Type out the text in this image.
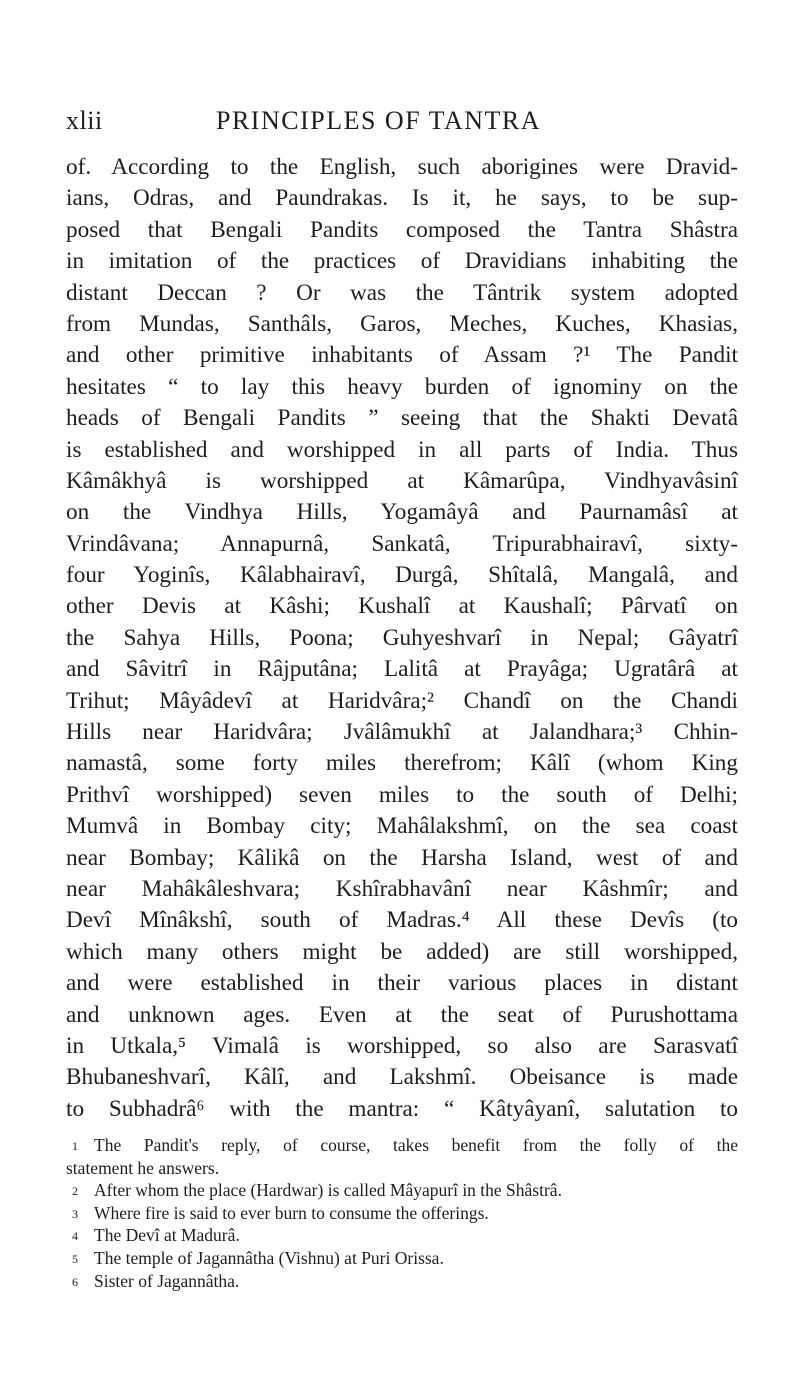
xlii	PRINCIPLES OF TANTRA
of. According to the English, such aborigines were Dravid-
ians, Odras, and Paundrakas. Is it, he says, to be sup-
posed that Bengali Pandits composed the Tantra Shâstra
in imitation of the practices of Dravidians inhabiting the
distant Deccan ? Or was the Tântrik system adopted
from Mundas, Santhâls, Garos, Meches, Kuches, Khasias,
and other primitive inhabitants of Assam ?¹ The Pandit
hesitates “ to lay this heavy burden of ignominy on the
heads of Bengali Pandits ” seeing that the Shakti Devatâ
is established and worshipped in all parts of India. Thus
Kâmâkhyâ is worshipped at Kâmarûpa, Vindhyavâsinî
on the Vindhya Hills, Yogamâyâ and Paurnamâsî at
Vrindâvana; Annapurnâ, Sankatâ, Tripurabhairavî, sixty-
four Yoginîs, Kâlabhairavî, Durgâ, Shîtalâ, Mangalâ, and
other Devis at Kâshi; Kushalî at Kaushalî; Pârvatî on
the Sahya Hills, Poona; Guhyeshvarî in Nepal; Gâyatrî
and Sâvitrî in Râjputâna; Lalitâ at Prayâga; Ugratârâ at
Trihut; Mâyâdevî at Haridvâra;² Chandî on the Chandi
Hills near Haridvâra; Jvâlâmukhî at Jalandhara;³ Chhin-
namastâ, some forty miles therefrom; Kâlî (whom King
Prithvî worshipped) seven miles to the south of Delhi;
Mumvâ in Bombay city; Mahâlakshmî, on the sea coast
near Bombay; Kâlikâ on the Harsha Island, west of and
near Mahâkâleshvara; Kshîrabhavânî near Kâshmîr; and
Devî Mînâkshî, south of Madras.⁴ All these Devîs (to
which many others might be added) are still worshipped,
and were established in their various places in distant
and unknown ages. Even at the seat of Purushottama
in Utkala,⁵ Vimalâ is worshipped, so also are Sarasvatî
Bhubaneshvarî, Kâlî, and Lakshmî. Obeisance is made
to Subhadrâ⁶ with the mantra: “ Kâtyâyanî, salutation to
1 The Pandit's reply, of course, takes benefit from the folly of the
statement he answers.
2 After whom the place (Hardwar) is called Mâyapurî in the Shâstrâ.
3 Where fire is said to ever burn to consume the offerings.
4 The Devî at Madurâ.
5 The temple of Jagannâtha (Vishnu) at Puri Orissa.
6 Sister of Jagannâtha.
